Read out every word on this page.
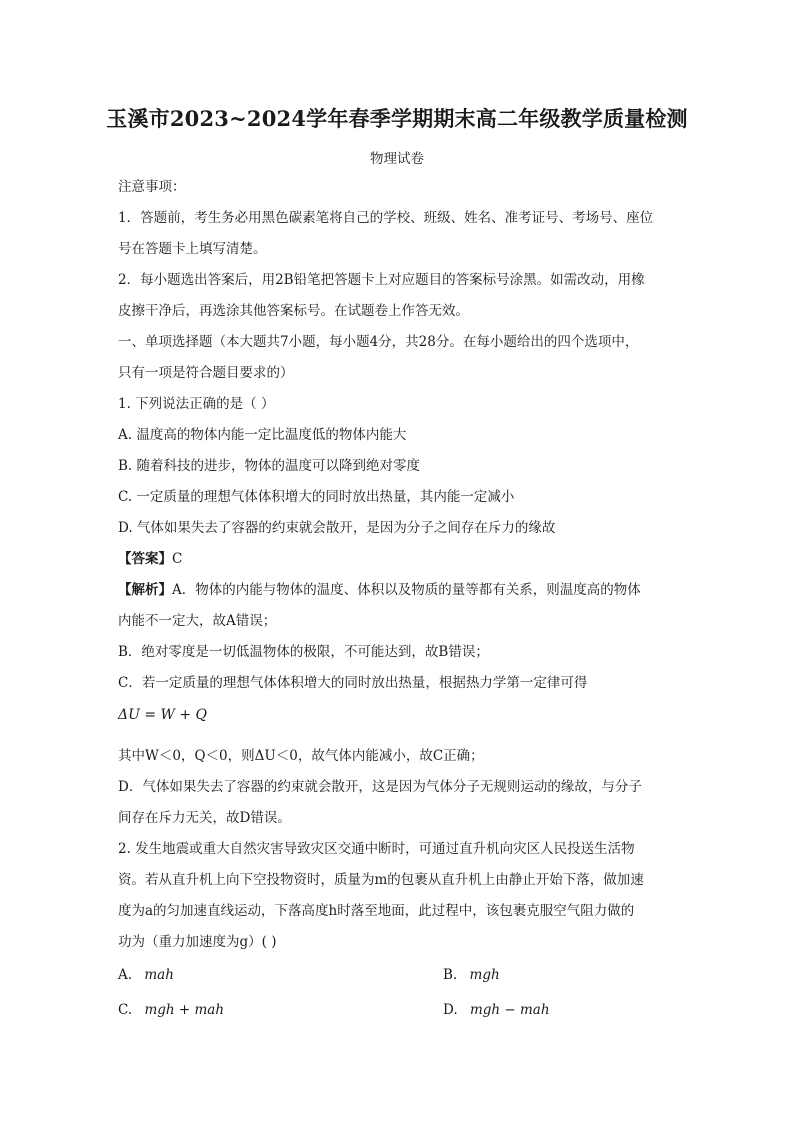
玉溪市2023~2024学年春季学期期末高二年级教学质量检测
物理试卷
注意事项：
1．答题前，考生务必用黑色碳素笔将自己的学校、班级、姓名、准考证号、考场号、座位
号在答题卡上填写清楚。
2．每小题选出答案后，用2B铅笔把答题卡上对应题目的答案标号涂黑。如需改动，用橡
皮擦干净后，再选涂其他答案标号。在试题卷上作答无效。
一、单项选择题（本大题共7小题，每小题4分，共28分。在每小题给出的四个选项中，
只有一项是符合题目要求的）
1. 下列说法正确的是（ ）
A. 温度高的物体内能一定比温度低的物体内能大
B. 随着科技的进步，物体的温度可以降到绝对零度
C. 一定质量的理想气体体积增大的同时放出热量，其内能一定减小
D. 气体如果失去了容器的约束就会散开，是因为分子之间存在斥力的缘故
【答案】C
【解析】A．物体的内能与物体的温度、体积以及物质的量等都有关系，则温度高的物体
内能不一定大，故A错误；
B．绝对零度是一切低温物体的极限，不可能达到，故B错误；
C．若一定质量的理想气体体积增大的同时放出热量，根据热力学第一定律可得
ΔU = W + Q
其中W＜0，Q＜0，则ΔU＜0，故气体内能减小，故C正确；
D．气体如果失去了容器的约束就会散开，这是因为气体分子无规则运动的缘故，与分子
间存在斥力无关，故D错误。
2. 发生地震或重大自然灾害导致灾区交通中断时，可通过直升机向灾区人民投送生活物
资。若从直升机上向下空投物资时，质量为m的包裹从直升机上由静止开始下落，做加速
度为a的匀加速直线运动，下落高度h时落至地面，此过程中，该包裹克服空气阻力做的
功为（重力加速度为g）( )
A. mah	B. mgh
C. mgh + mah	D. mgh − mah
